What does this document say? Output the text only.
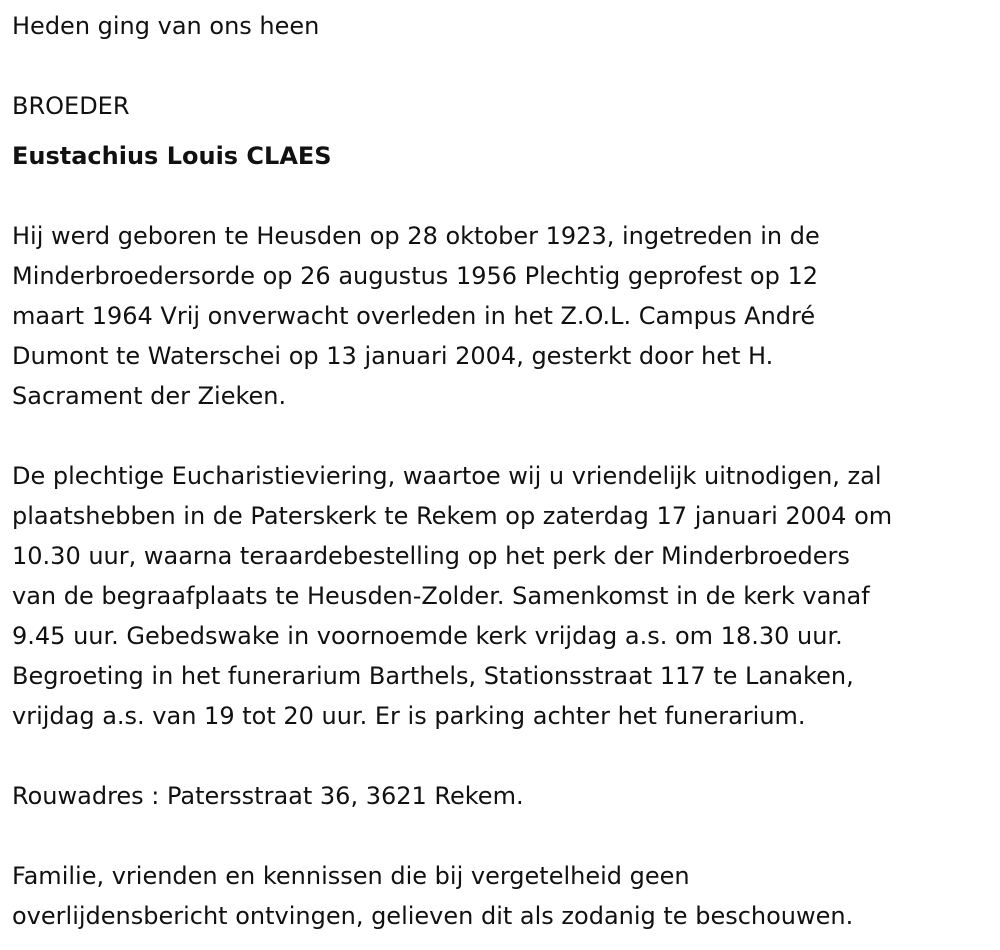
Heden ging van ons heen
BROEDER
Eustachius Louis CLAES
Hij werd geboren te Heusden op 28 oktober 1923, ingetreden in de
Minderbroedersorde op 26 augustus 1956 Plechtig geprofest op 12
maart 1964 Vrij onverwacht overleden in het Z.O.L. Campus André
Dumont te Waterschei op 13 januari 2004, gesterkt door het H.
Sacrament der Zieken.
De plechtige Eucharistieviering, waartoe wij u vriendelijk uitnodigen, zal
plaatshebben in de Paterskerk te Rekem op zaterdag 17 januari 2004 om
10.30 uur, waarna teraardebestelling op het perk der Minderbroeders
van de begraafplaats te Heusden-Zolder. Samenkomst in de kerk vanaf
9.45 uur. Gebedswake in voornoemde kerk vrijdag a.s. om 18.30 uur.
Begroeting in het funerarium Barthels, Stationsstraat 117 te Lanaken,
vrijdag a.s. van 19 tot 20 uur. Er is parking achter het funerarium.
Rouwadres : Patersstraat 36, 3621 Rekem.
Familie, vrienden en kennissen die bij vergetelheid geen
overlijdensbericht ontvingen, gelieven dit als zodanig te beschouwen.
